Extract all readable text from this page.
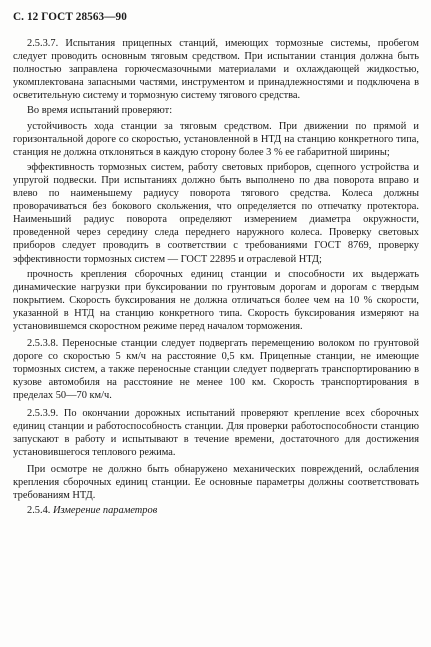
С. 12 ГОСТ 28563—90

2.5.3.7. Испытания прицепных станций, имеющих тормозные системы, пробегом следует проводить основным тяговым средством. При испытании станция должна быть полностью заправлена горючесмазочными материалами и охлаждающей жидкостью, укомплектована запасными частями, инструментом и принадлежностями и подключена в осветительную систему и тормозную систему тягового средства.

Во время испытаний проверяют:

устойчивость хода станции за тяговым средством. При движении по прямой и горизонтальной дороге со скоростью, установленной в НТД на станцию конкретного типа, станция не должна отклоняться в каждую сторону более 3 % ее габаритной ширины;

эффективность тормозных систем, работу световых приборов, сцепного устройства и упругой подвески. При испытаниях должно быть выполнено по два поворота вправо и влево по наименьшему радиусу поворота тягового средства. Колеса должны проворачиваться без бокового скольжения, что определяется по отпечатку протектора. Наименьший радиус поворота определяют измерением диаметра окружности, проведенной через середину следа переднего наружного колеса. Проверку световых приборов следует проводить в соответствии с требованиями ГОСТ 8769, проверку эффективности тормозных систем — ГОСТ 22895 и отраслевой НТД;

прочность крепления сборочных единиц станции и способности их выдержать динамические нагрузки при буксировании по грунтовым дорогам и дорогам с твердым покрытием. Скорость буксирования не должна отличаться более чем на 10 % скорости, указанной в НТД на станцию конкретного типа. Скорость буксирования измеряют на установившемся скоростном режиме перед началом торможения.

2.5.3.8. Переносные станции следует подвергать перемещению волоком по грунтовой дороге со скоростью 5 км/ч на расстояние 0,5 км. Прицепные станции, не имеющие тормозных систем, а также переносные станции следует подвергать транспортированию в кузове автомобиля на расстояние не менее 100 км. Скорость транспортирования в пределах 50—70 км/ч.

2.5.3.9. По окончании дорожных испытаний проверяют крепление всех сборочных единиц станции и работоспособность станции. Для проверки работоспособности станцию запускают в работу и испытывают в течение времени, достаточного для достижения установившегося теплового режима.

При осмотре не должно быть обнаружено механических повреждений, ослабления крепления сборочных единиц станции. Ее основные параметры должны соответствовать требованиям НТД.

2.5.4. Измерение параметров
